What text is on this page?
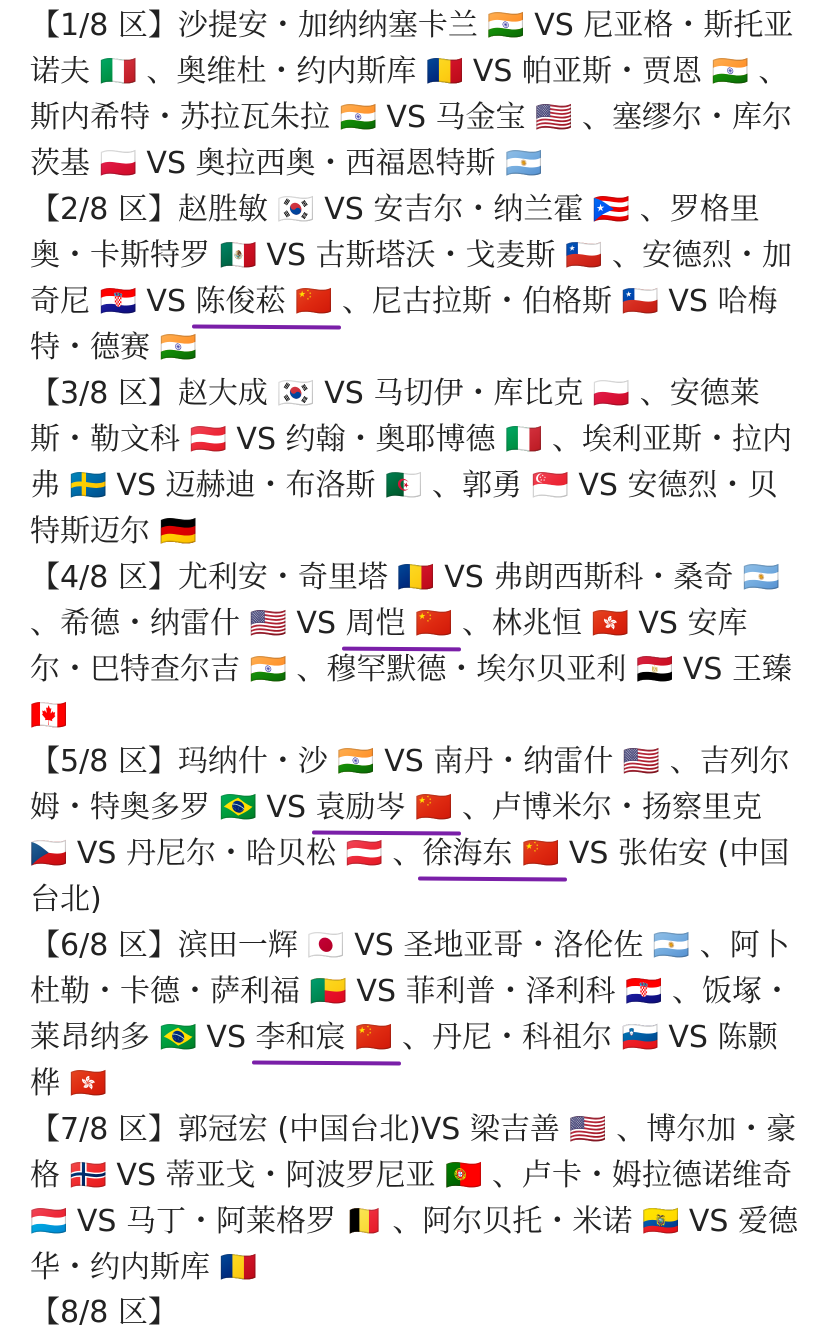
【1/8 区】沙提安・加纳纳塞卡兰 🇮🇳 VS 尼亚格・斯托亚诺夫 🇮🇹 、奥维杜・约内斯库 🇷🇴 VS 帕亚斯・贾恩 🇮🇳 、斯内希特・苏拉瓦朱拉 🇮🇳 VS 马金宝 🇺🇸 、塞缪尔・库尔茨基 🇵🇱 VS 奥拉西奥・西福恩特斯 🇦🇷
【2/8 区】赵胜敏 🇰🇷 VS 安吉尔・纳兰霍 🇵🇷 、罗格里奥・卡斯特罗 🇲🇽 VS 古斯塔沃・戈麦斯 🇨🇱 、安德烈・加奇尼 🇭🇷 VS 陈俊菘 🇨🇳 、尼古拉斯・伯格斯 🇨🇱 VS 哈梅特・德赛 🇮🇳
【3/8 区】赵大成 🇰🇷 VS 马切伊・库比克 🇵🇱 、安德莱斯・勒文科 🇦🇹 VS 约翰・奥耶博德 🇮🇹 、埃利亚斯・拉内弗 🇸🇪 VS 迈赫迪・布洛斯 🇩🇿 、郭勇 🇸🇬 VS 安德烈・贝特斯迈尔 🇩🇪
【4/8 区】尤利安・奇里塔 🇷🇴 VS 弗朗西斯科・桑奇 🇦🇷 、希德・纳雷什 🇺🇸 VS 周恺 🇨🇳 、林兆恒 🇭🇰 VS 安库尔・巴特查尔吉 🇮🇳 、穆罕默德・埃尔贝亚利 🇪🇬 VS 王臻 🇨🇦
【5/8 区】玛纳什・沙 🇮🇳 VS 南丹・纳雷什 🇺🇸 、吉列尔姆・特奥多罗 🇧🇷 VS 袁励岑 🇨🇳 、卢博米尔・扬察里克 🇨🇿 VS 丹尼尔・哈贝松 🇦🇹 、徐海东 🇨🇳 VS 张佑安 (中国台北)
【6/8 区】滨田一辉 🇯🇵 VS 圣地亚哥・洛伦佐 🇦🇷 、阿卜杜勒・卡德・萨利福 🇧🇯 VS 菲利普・泽利科 🇭🇷 、饭塚・莱昂纳多 🇧🇷 VS 李和宸 🇨🇳 、丹尼・科祖尔 🇸🇮 VS 陈颢桦 🇭🇰
【7/8 区】郭冠宏 (中国台北)VS 梁吉善 🇺🇸 、博尔加・豪格 🇳🇴 VS 蒂亚戈・阿波罗尼亚 🇵🇹 、卢卡・姆拉德诺维奇 🇱🇺 VS 马丁・阿莱格罗 🇧🇪 、阿尔贝托・米诺 🇪🇨 VS 爱德华・约内斯库 🇷🇴
【8/8 区】
